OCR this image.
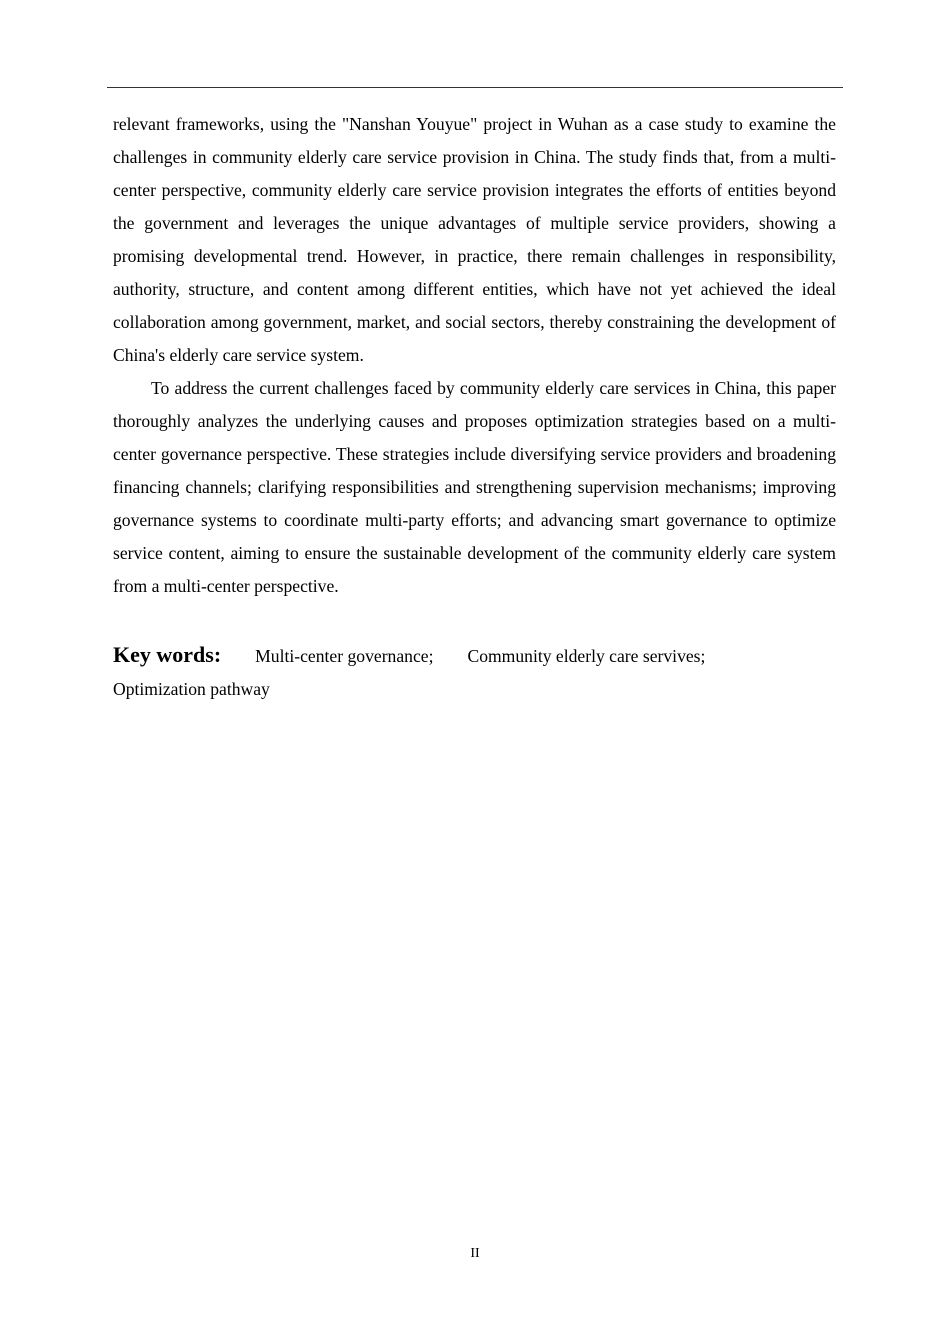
relevant frameworks, using the "Nanshan Youyue" project in Wuhan as a case study to examine the challenges in community elderly care service provision in China. The study finds that, from a multi-center perspective, community elderly care service provision integrates the efforts of entities beyond the government and leverages the unique advantages of multiple service providers, showing a promising developmental trend. However, in practice, there remain challenges in responsibility, authority, structure, and content among different entities, which have not yet achieved the ideal collaboration among government, market, and social sectors, thereby constraining the development of China's elderly care service system.

To address the current challenges faced by community elderly care services in China, this paper thoroughly analyzes the underlying causes and proposes optimization strategies based on a multi-center governance perspective. These strategies include diversifying service providers and broadening financing channels; clarifying responsibilities and strengthening supervision mechanisms; improving governance systems to coordinate multi-party efforts; and advancing smart governance to optimize service content, aiming to ensure the sustainable development of the community elderly care system from a multi-center perspective.

Key words: Multi-center governance; Community elderly care servives;
Optimization pathway
II
